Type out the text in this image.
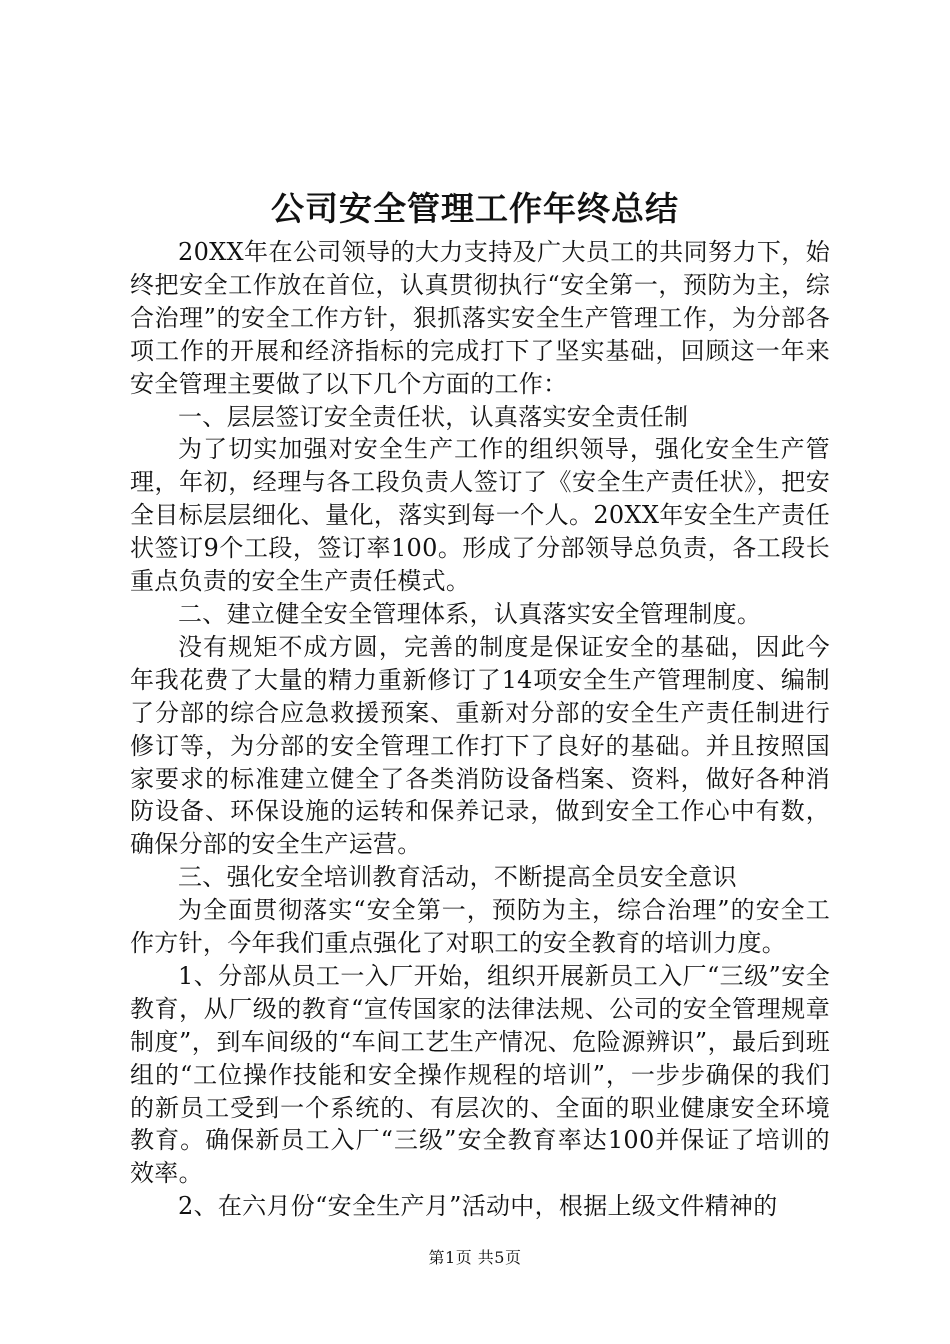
公司安全管理工作年终总结

20XX年在公司领导的大力支持及广大员工的共同努力下，始终把安全工作放在首位，认真贯彻执行“安全第一，预防为主，综合治理”的安全工作方针，狠抓落实安全生产管理工作，为分部各项工作的开展和经济指标的完成打下了坚实基础，回顾这一年来安全管理主要做了以下几个方面的工作：

一、层层签订安全责任状，认真落实安全责任制

为了切实加强对安全生产工作的组织领导，强化安全生产管理，年初，经理与各工段负责人签订了《安全生产责任状》，把安全目标层层细化、量化，落实到每一个人。20XX年安全生产责任状签订9个工段，签订率100。形成了分部领导总负责，各工段长重点负责的安全生产责任模式。

二、建立健全安全管理体系，认真落实安全管理制度。

没有规矩不成方圆，完善的制度是保证安全的基础，因此今年我花费了大量的精力重新修订了14项安全生产管理制度、编制了分部的综合应急救援预案、重新对分部的安全生产责任制进行修订等，为分部的安全管理工作打下了良好的基础。并且按照国家要求的标准建立健全了各类消防设备档案、资料，做好各种消防设备、环保设施的运转和保养记录，做到安全工作心中有数，确保分部的安全生产运营。

三、强化安全培训教育活动，不断提高全员安全意识

为全面贯彻落实“安全第一，预防为主，综合治理”的安全工作方针，今年我们重点强化了对职工的安全教育的培训力度。

1、分部从员工一入厂开始，组织开展新员工入厂“三级”安全教育，从厂级的教育“宣传国家的法律法规、公司的安全管理规章制度”，到车间级的“车间工艺生产情况、危险源辨识”，最后到班组的“工位操作技能和安全操作规程的培训”，一步步确保的我们的新员工受到一个系统的、有层次的、全面的职业健康安全环境教育。确保新员工入厂“三级”安全教育率达100并保证了培训的效率。

2、在六月份“安全生产月”活动中，根据上级文件精神的

第1页 共5页
